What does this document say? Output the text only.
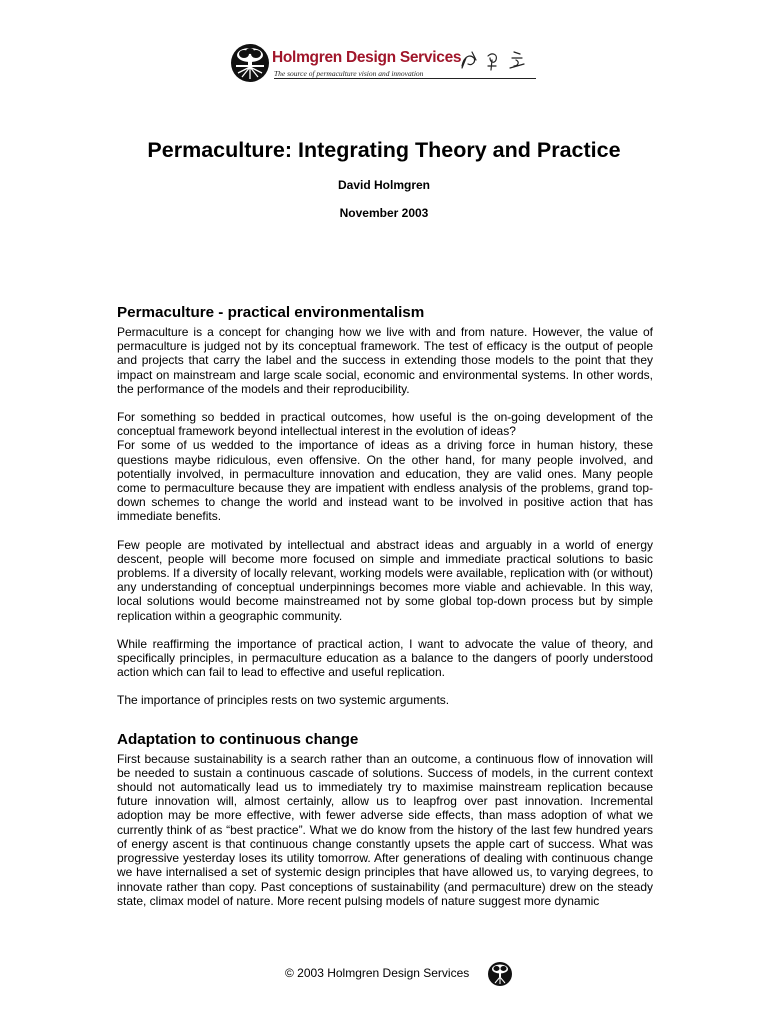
Holmgren Design Services
The source of permaculture vision and innovation
Permaculture: Integrating Theory and Practice
David Holmgren
November 2003
Permaculture - practical environmentalism

Permaculture is a concept for changing how we live with and from nature. However, the value of permaculture is judged not by its conceptual framework. The test of efficacy is the output of people and projects that carry the label and the success in extending those models to the point that they impact on mainstream and large scale social, economic and environmental systems. In other words, the performance of the models and their reproducibility.

For something so bedded in practical outcomes, how useful is the on-going development of the conceptual framework beyond intellectual interest in the evolution of ideas?

For some of us wedded to the importance of ideas as a driving force in human history, these questions maybe ridiculous, even offensive. On the other hand, for many people involved, and potentially involved, in permaculture innovation and education, they are valid ones. Many people come to permaculture because they are impatient with endless analysis of the problems, grand top-down schemes to change the world and instead want to be involved in positive action that has immediate benefits.

Few people are motivated by intellectual and abstract ideas and arguably in a world of energy descent, people will become more focused on simple and immediate practical solutions to basic problems. If a diversity of locally relevant, working models were available, replication with (or without) any understanding of conceptual underpinnings becomes more viable and achievable. In this way, local solutions would become mainstreamed not by some global top-down process but by simple replication within a geographic community.

While reaffirming the importance of practical action, I want to advocate the value of theory, and specifically principles, in permaculture education as a balance to the dangers of poorly understood action which can fail to lead to effective and useful replication.

The importance of principles rests on two systemic arguments.

Adaptation to continuous change

First because sustainability is a search rather than an outcome, a continuous flow of innovation will be needed to sustain a continuous cascade of solutions. Success of models, in the current context should not automatically lead us to immediately try to maximise mainstream replication because future innovation will, almost certainly, allow us to leapfrog over past innovation. Incremental adoption may be more effective, with fewer adverse side effects, than mass adoption of what we currently think of as “best practice”. What we do know from the history of the last few hundred years of energy ascent is that continuous change constantly upsets the apple cart of success. What was progressive yesterday loses its utility tomorrow. After generations of dealing with continuous change we have internalised a set of systemic design principles that have allowed us, to varying degrees, to innovate rather than copy. Past conceptions of sustainability (and permaculture) drew on the steady state, climax model of nature. More recent pulsing models of nature suggest more dynamic

© 2003 Holmgren Design Services
